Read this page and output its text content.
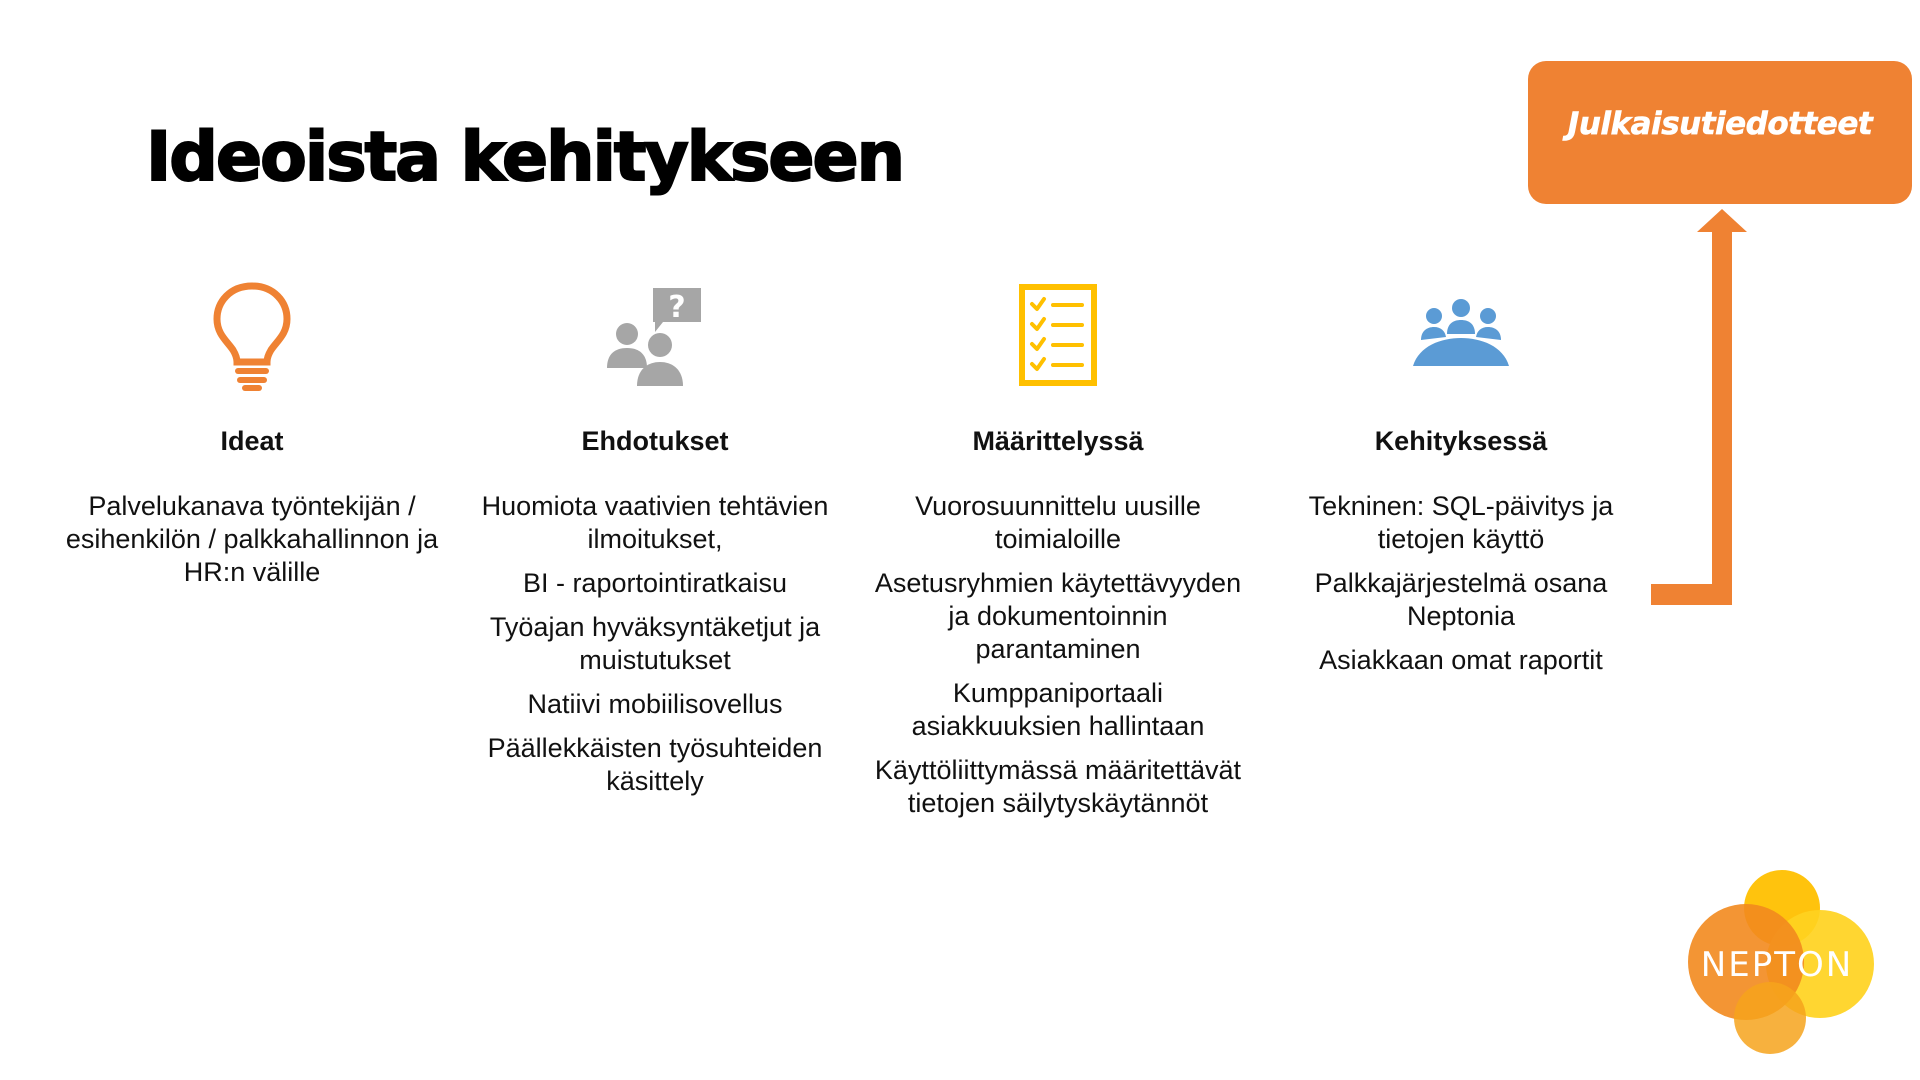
Ideoista kehitykseen	Julkaisutiedotteet
Ideat
Palvelukanava työntekijän / esihenkilön / palkkahallinnon ja HR:n välille
?
Ehdotukset
Huomiota vaativien tehtävien ilmoitukset,
BI - raportointiratkaisu
Työajan hyväksyntäketjut ja muistutukset
Natiivi mobiilisovellus
Päällekkäisten työsuhteiden käsittely
Määrittelyssä
Vuorosuunnittelu uusille toimialoille
Asetusryhmien käytettävyyden ja dokumentoinnin parantaminen
Kumppaniportaali asiakkuuksien hallintaan
Käyttöliittymässä määritettävät tietojen säilytyskäytännöt
Kehityksessä
Tekninen: SQL-päivitys ja tietojen käyttö
Palkkajärjestelmä osana Neptonia
Asiakkaan omat raportit
NEPTON
